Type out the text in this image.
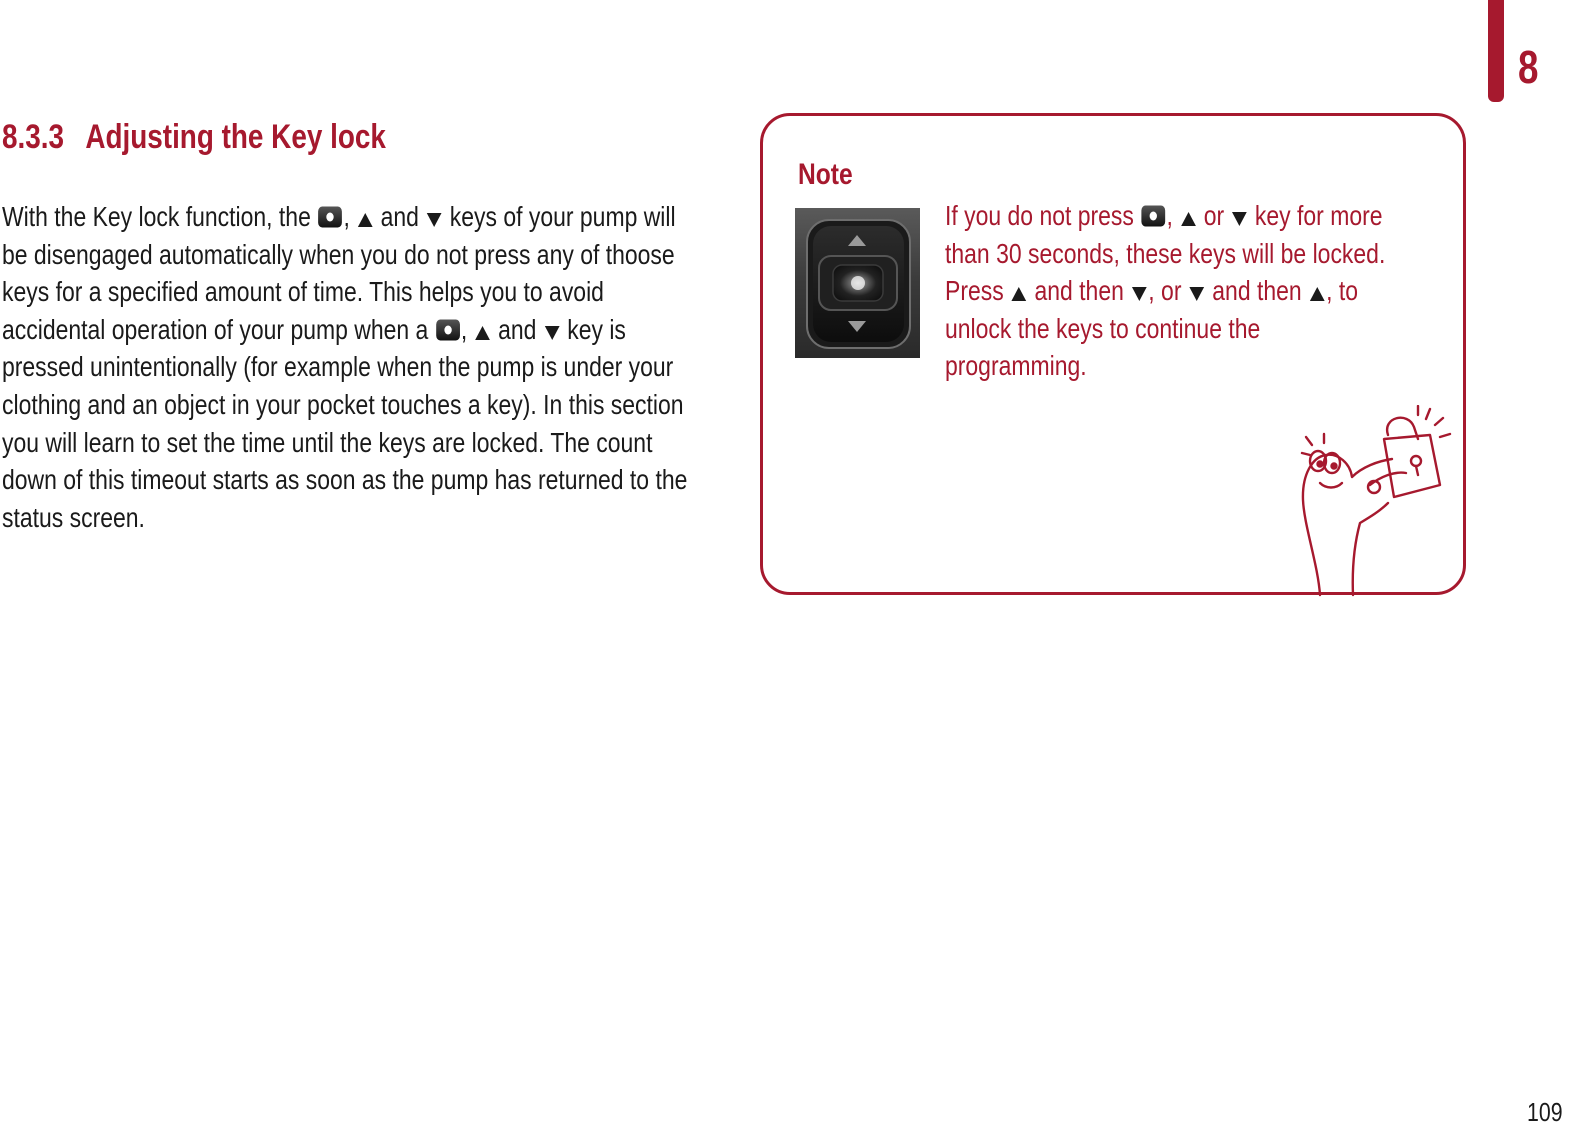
8
8.3.3 Adjusting the Key lock

With the Key lock function, the , and keys of your pump will be disengaged automatically when you do not press any of thoose keys for a specified amount of time. This helps you to avoid accidental operation of your pump when a , and key is pressed unintentionally (for example when the pump is under your clothing and an object in your pocket touches a key). In this section you will learn to set the time until the keys are locked. The count down of this timeout starts as soon as the pump has returned to the status screen.

Note

If you do not press , or key for more than 30 seconds, these keys will be locked.

Press and then , or and then , to unlock the keys to continue the programming.

109
